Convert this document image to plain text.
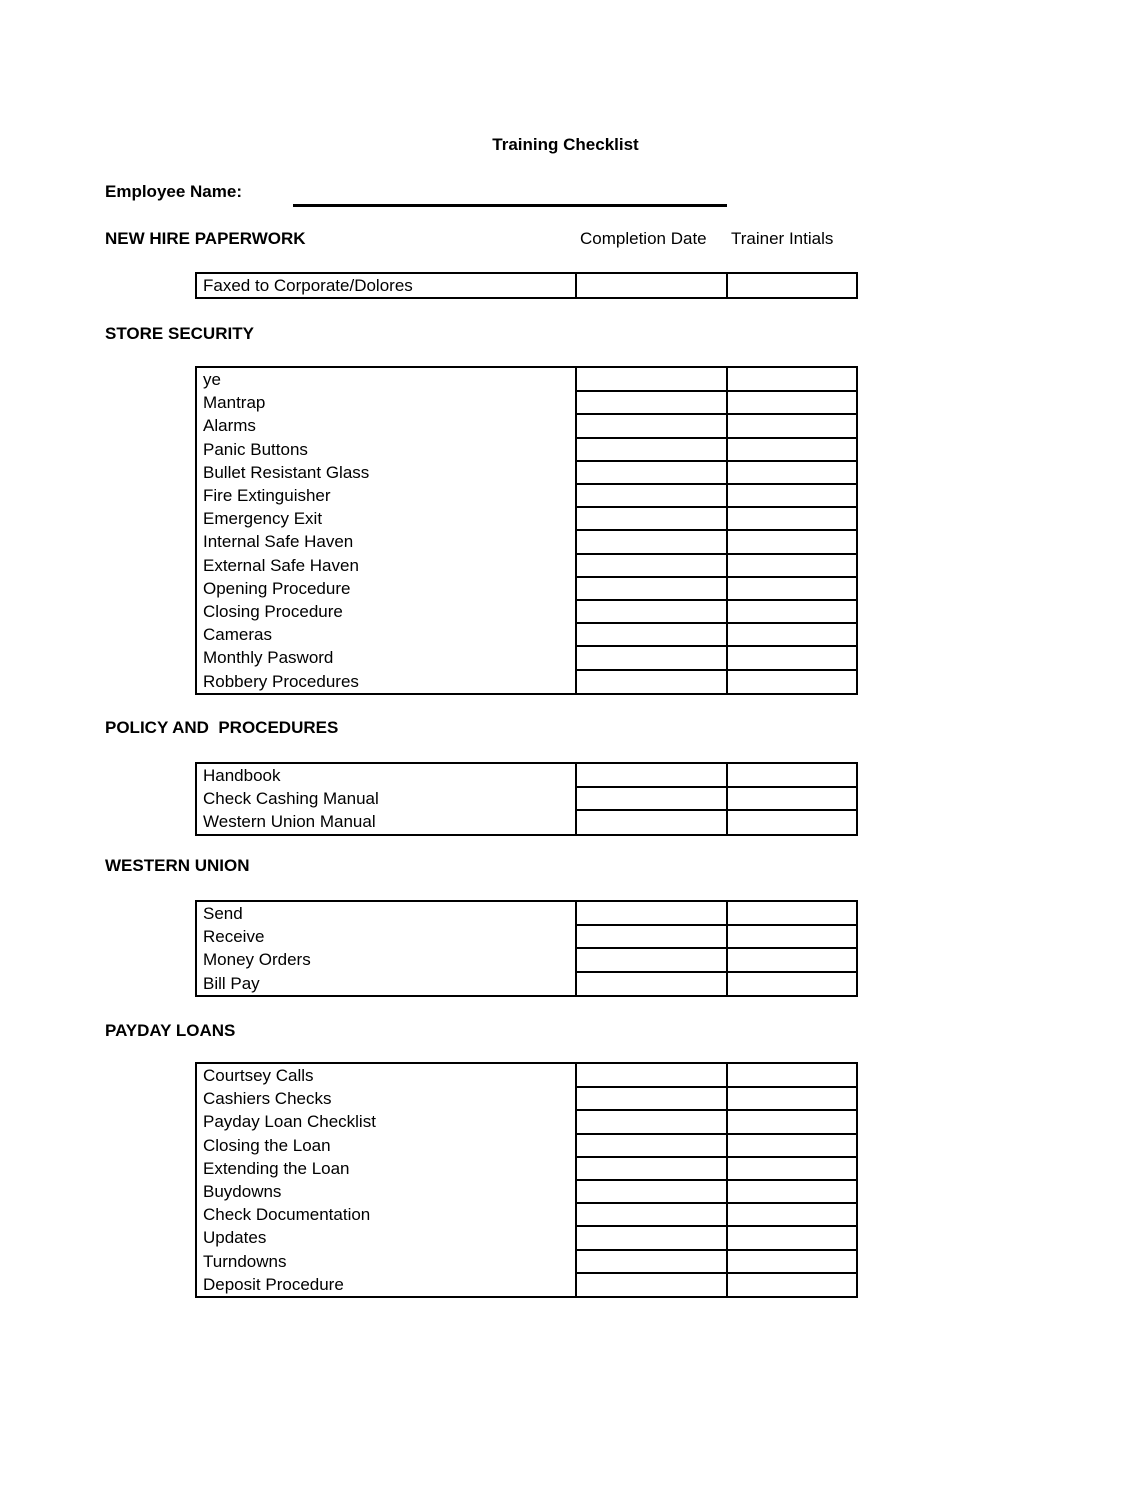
Training Checklist
Employee Name:
NEW HIRE PAPERWORK	Completion Date Trainer Intials
Faxed to Corporate/Dolores
STORE SECURITY
ye
Mantrap
Alarms
Panic Buttons
Bullet Resistant Glass
Fire Extinguisher
Emergency Exit
Internal Safe Haven
External Safe Haven
Opening Procedure
Closing Procedure
Cameras
Monthly Pasword
Robbery Procedures
POLICY AND  PROCEDURES
Handbook
Check Cashing Manual
Western Union Manual
WESTERN UNION
Send
Receive
Money Orders
Bill Pay
PAYDAY LOANS
Courtsey Calls
Cashiers Checks
Payday Loan Checklist
Closing the Loan
Extending the Loan
Buydowns
Check Documentation
Updates
Turndowns
Deposit Procedure
